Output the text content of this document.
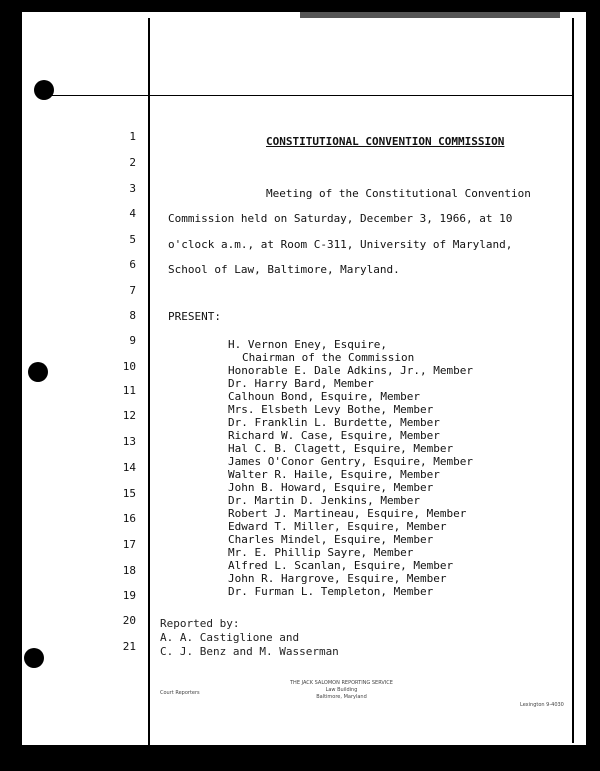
1
2
3
4
5
6
7
8
9
10
11
12
13
14
15
16
17
18
19
20
21
CONSTITUTIONAL CONVENTION COMMISSION
Meeting of the Constitutional Convention
Commission held on Saturday, December 3, 1966, at 10
o'clock a.m., at Room C-311, University of Maryland,
School of Law, Baltimore, Maryland.
PRESENT:
H. Vernon Eney, Esquire,
Chairman of the Commission
Honorable E. Dale Adkins, Jr., Member
Dr. Harry Bard, Member
Calhoun Bond, Esquire, Member
Mrs. Elsbeth Levy Bothe, Member
Dr. Franklin L. Burdette, Member
Richard W. Case, Esquire, Member
Hal C. B. Clagett, Esquire, Member
James O'Conor Gentry, Esquire, Member
Walter R. Haile, Esquire, Member
John B. Howard, Esquire, Member
Dr. Martin D. Jenkins, Member
Robert J. Martineau, Esquire, Member
Edward T. Miller, Esquire, Member
Charles Mindel, Esquire, Member
Mr. E. Phillip Sayre, Member
Alfred L. Scanlan, Esquire, Member
John R. Hargrove, Esquire, Member
Dr. Furman L. Templeton, Member
Reported by:
A. A. Castiglione and
C. J. Benz and M. Wasserman
Court Reporters
THE JACK SALOMON REPORTING SERVICE
Law Building
Baltimore, Maryland
Lexington 9-4030
